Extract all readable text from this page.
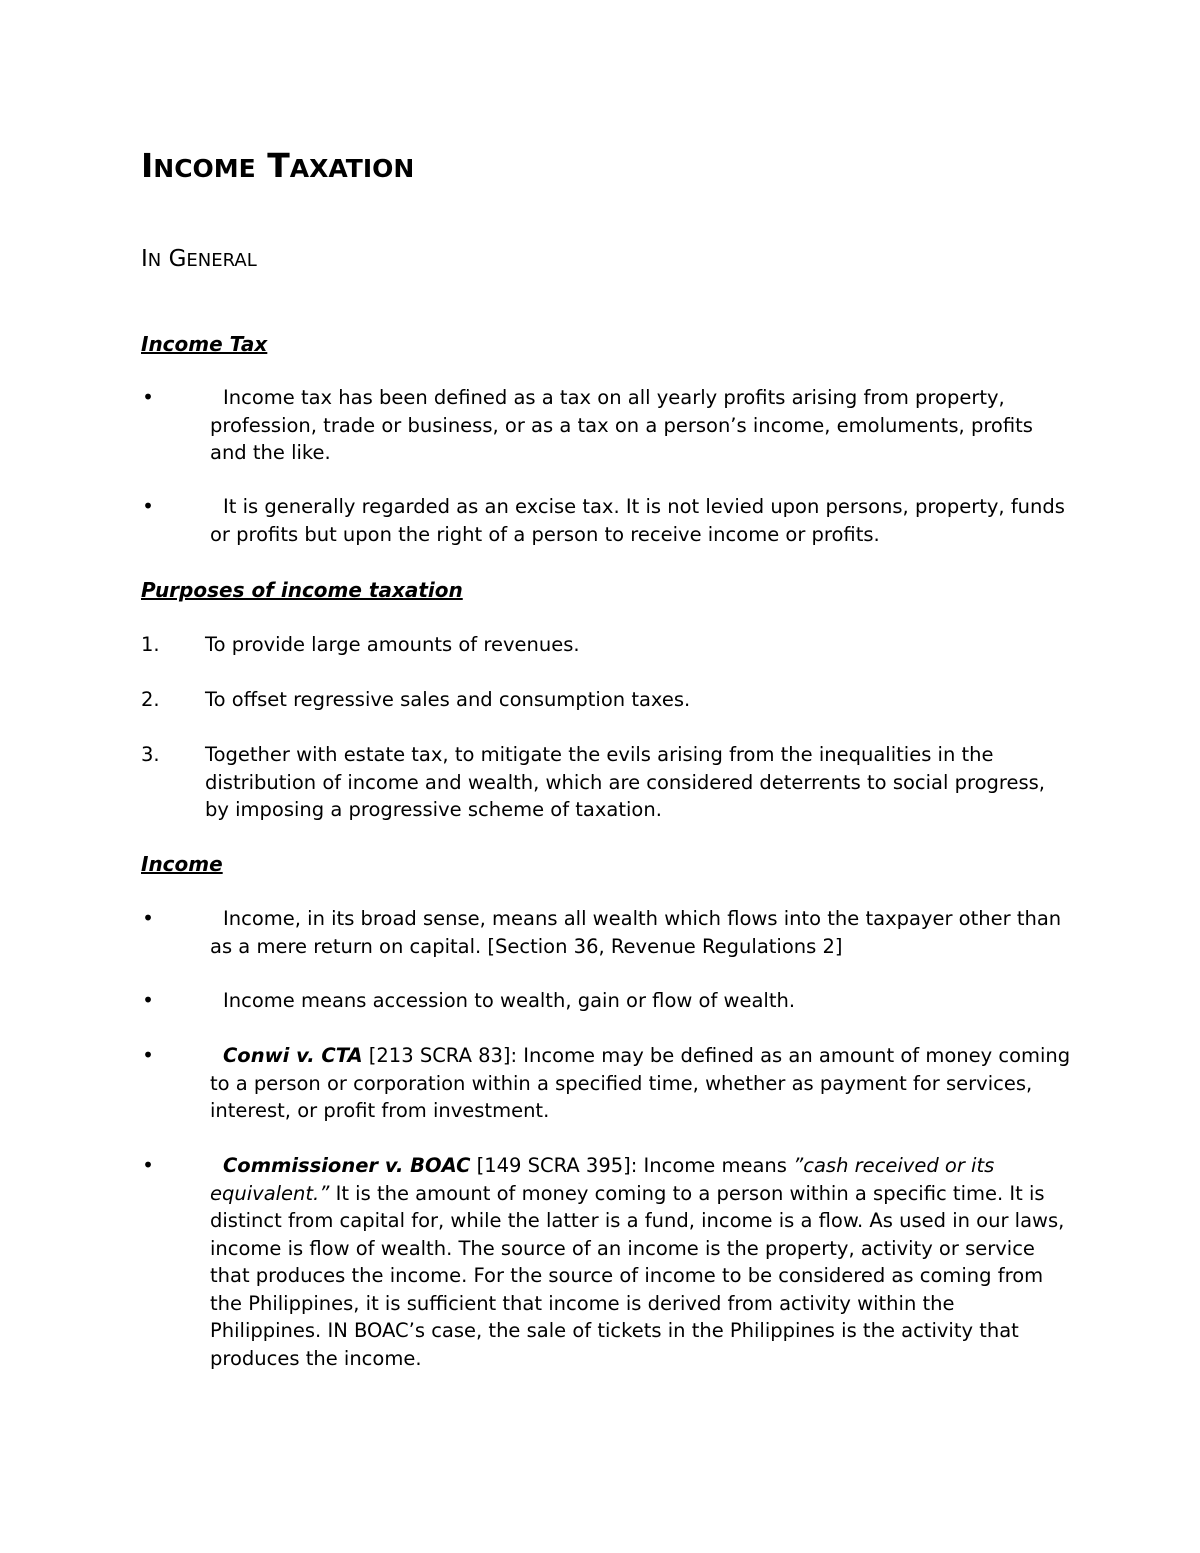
INCOME TAXATION
IN GENERAL
Income Tax
•	Income tax has been defined as a tax on all yearly profits arising from property, profession, trade or business, or as a tax on a person’s income, emoluments, profits and the like.

•	It is generally regarded as an excise tax. It is not levied upon persons, property, funds or profits but upon the right of a person to receive income or profits.

Purposes of income taxation
1. To provide large amounts of revenues.

2. To offset regressive sales and consumption taxes.

3. Together with estate tax, to mitigate the evils arising from the inequalities in the distribution of income and wealth, which are considered deterrents to social progress, by imposing a progressive scheme of taxation.

Income
•	Income, in its broad sense, means all wealth which flows into the taxpayer other than as a mere return on capital. [Section 36, Revenue Regulations 2]

•	Income means accession to wealth, gain or flow of wealth.

•	Conwi v. CTA [213 SCRA 83]: Income may be defined as an amount of money coming to a person or corporation within a specified time, whether as payment for services, interest, or profit from investment.

•	Commissioner v. BOAC [149 SCRA 395]: Income means ”cash received or its equivalent.” It is the amount of money coming to a person within a specific time. It is distinct from capital for, while the latter is a fund, income is a flow. As used in our laws, income is flow of wealth. The source of an income is the property, activity or service that produces the income. For the source of income to be considered as coming from the Philippines, it is sufficient that income is derived from activity within the Philippines. IN BOAC’s case, the sale of tickets in the Philippines is the activity that produces the income.
